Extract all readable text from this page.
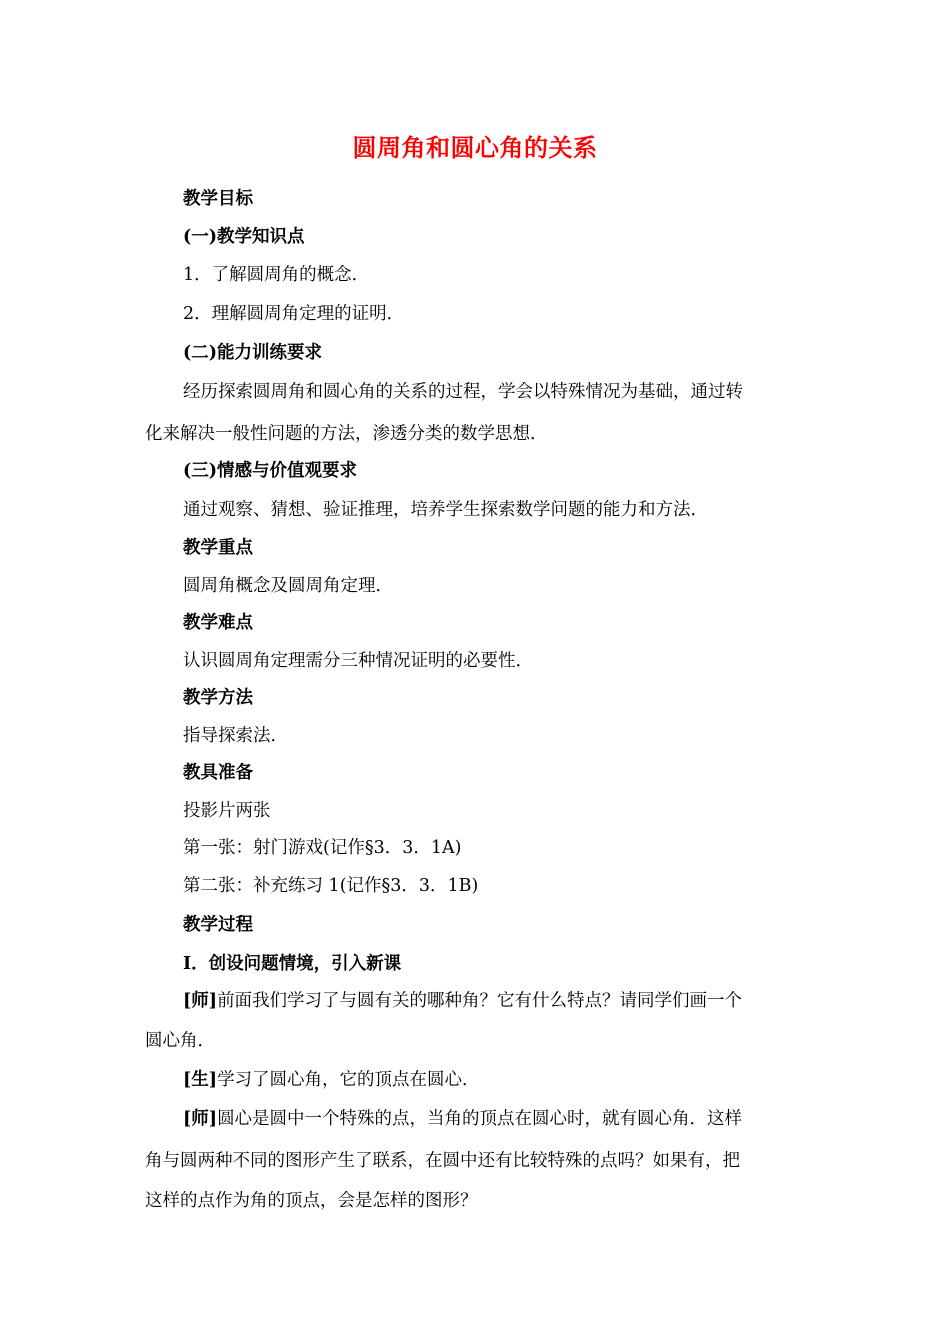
圆周角和圆心角的关系
教学目标
(一)教学知识点
1．了解圆周角的概念．
2．理解圆周角定理的证明．
(二)能力训练要求
经历探索圆周角和圆心角的关系的过程，学会以特殊情况为基础，通过转
化来解决一般性问题的方法，渗透分类的数学思想．
(三)情感与价值观要求
通过观察、猜想、验证推理，培养学生探索数学问题的能力和方法．
教学重点
圆周角概念及圆周角定理．
教学难点
认识圆周角定理需分三种情况证明的必要性．
教学方法
指导探索法．
教具准备
投影片两张
第一张：射门游戏(记作§3．3．1A)
第二张：补充练习 1(记作§3．3．1B)
教学过程
Ⅰ．创设问题情境，引入新课
[师]前面我们学习了与圆有关的哪种角？它有什么特点？请同学们画一个
圆心角．
[生]学习了圆心角，它的顶点在圆心．
[师]圆心是圆中一个特殊的点，当角的顶点在圆心时，就有圆心角．这样
角与圆两种不同的图形产生了联系，在圆中还有比较特殊的点吗？如果有，把
这样的点作为角的顶点，会是怎样的图形？
